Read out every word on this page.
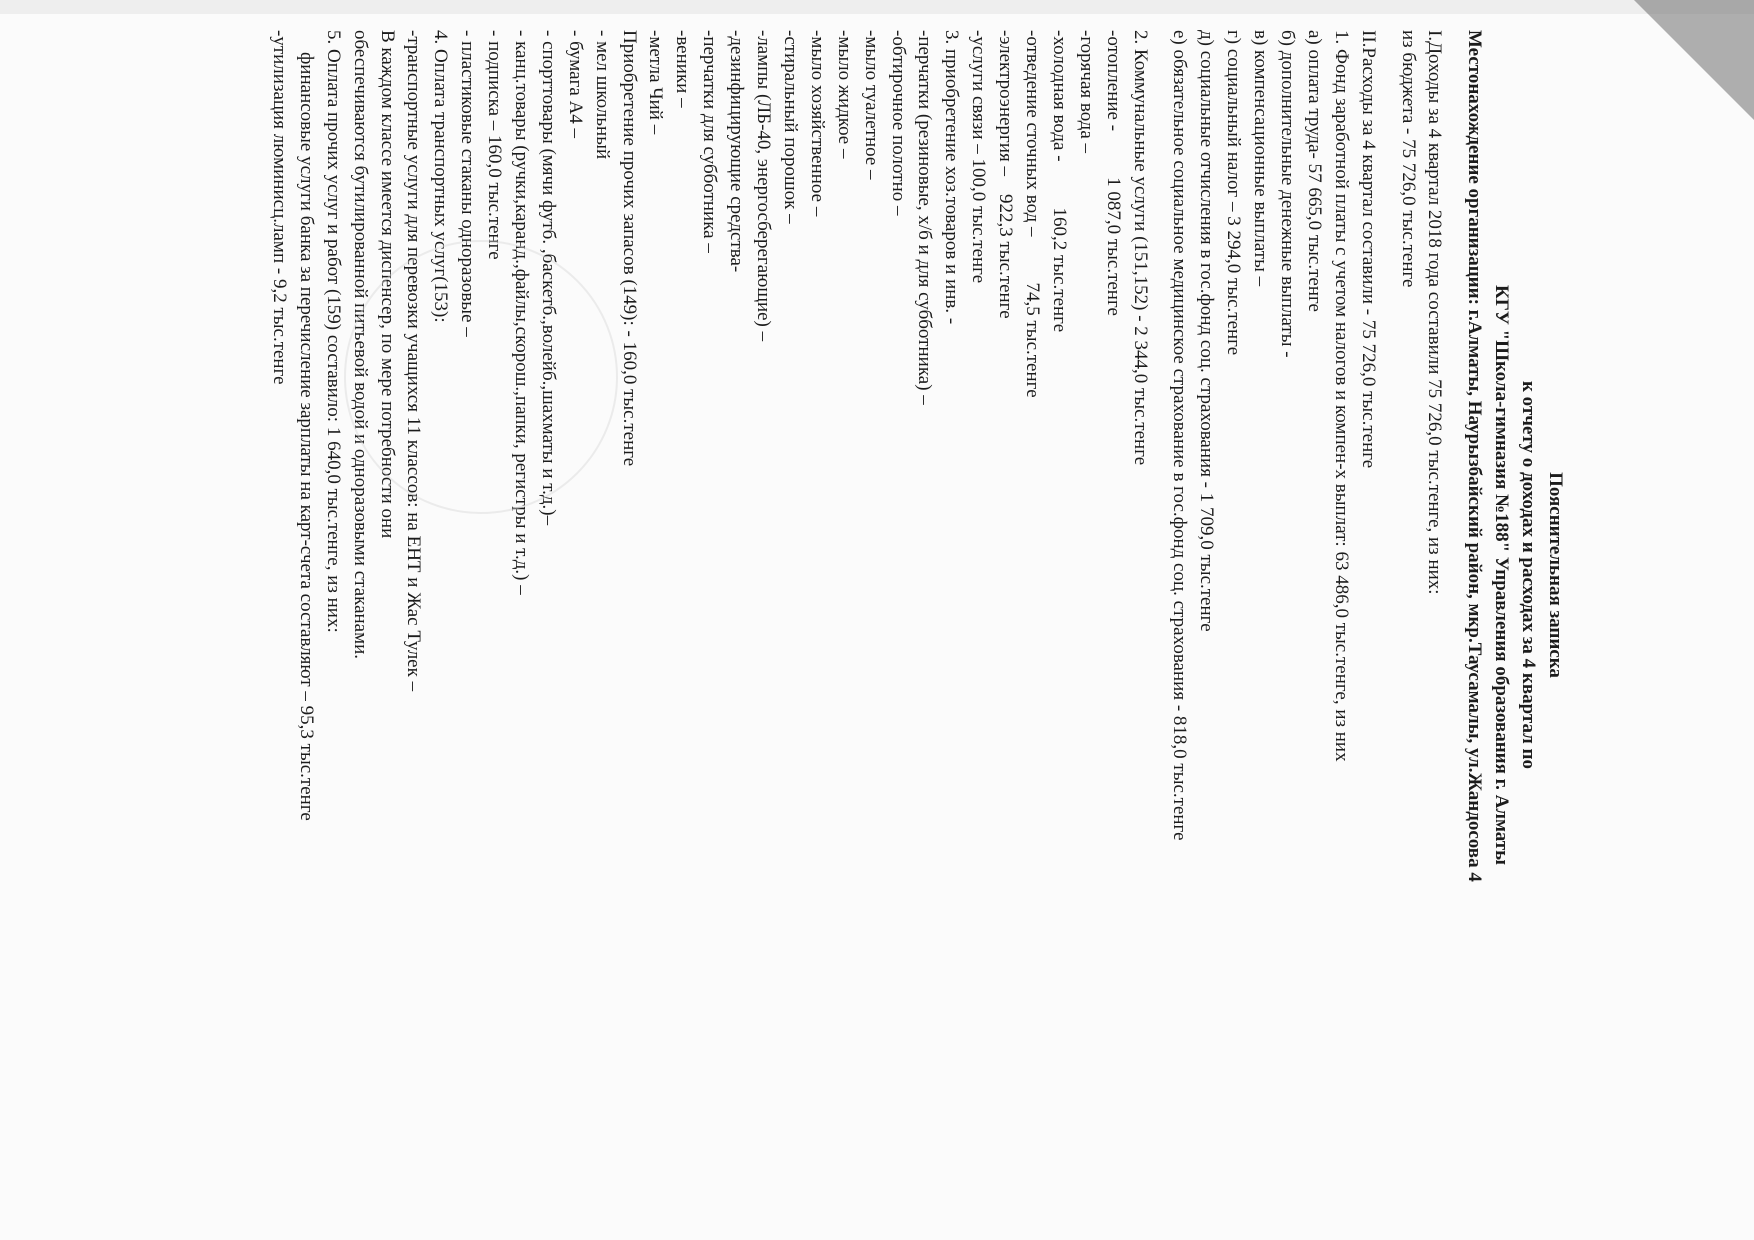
Пояснительная записка
к отчету о доходах и расходах за 4 квартал по
КГУ "Школа-гимназия №188" Управления образования г. Алматы
Местонахождение организации: г.Алматы, Наурызбайский район, мкр.Таусамалы, ул.Жандосова 4
I.Доходы за 4 квартал 2018 года составили 75 726,0 тыс.тенге, из них:
из бюджета - 75 726,0 тыс.тенге
II.Расходы за 4 квартал составили - 75 726,0 тыс.тенге
1. Фонд заработной платы с учетом налогов и компен-х выплат: 63 486,0 тыс.тенге, из них
а) оплата труда- 57 665,0 тыс.тенге
б) дополнительные денежные выплаты -
в) компенсационные выплаты –
г) социальный налог – 3 294,0 тыс.тенге
д) социальные отчисления в гос.фонд соц. страхования - 1 709,0 тыс.тенге
е) обязательное социальное медицинское страхование в гос.фонд соц. страхования - 818,0 тыс.тенге
2. Коммунальные услуги (151,152) - 2 344,0 тыс.тенге
-отопление -1 087,0 тыс.тенге
-горячая вода –
-холодная вода -160,2 тыс.тенге
-отведение сточных вод –74,5 тыс.тенге
-электроэнергия –922,3 тыс.тенге
-услуги связи – 100,0 тыс.тенге
3. приобретение хоз.товаров и инв. -
-перчатки (резиновые, х/б и для субботника) –
-обтирочное полотно –
-мыло туалетное –
-мыло жидкое –
-мыло хозяйственное –
-стиральный порошок –
-лампы (ЛБ-40, энергосберегающие) –
-дезинфицирующие средства-
-перчатки для субботника –
-веники –
-метла Чий –
Приобретение прочих запасов (149): - 160,0 тыс.тенге
- мел школьный
- бумага А4 –
- спорттовары (мячи футб. ,баскетб.,волейб.,шахматы и т.д.)–
- канц.товары (ручки,каранд.,файлы,скорош.,папки, регистры и т.д.) –
- подписка – 160,0 тыс.тенге
- пластиковые стаканы одноразовые –
4. Оплата транспортных услуг(153):
-транспортные услуги для перевозки учащихся 11 классов: на ЕНТ и Жас Тулек –
В каждом классе имеется диспенсер, по мере потребности они
обеспечиваются бутилированной питьевой водой и одноразовыми стаканами.
5. Оплата прочих услуг и работ (159) составило: 1 640,0 тыс.тенге, из них:
финансовые услуги банка за перечисление зарплаты на карт-счета составляют – 95,3 тыс.тенге
-утилизация люминисц.ламп - 9,2 тыс.тенге
